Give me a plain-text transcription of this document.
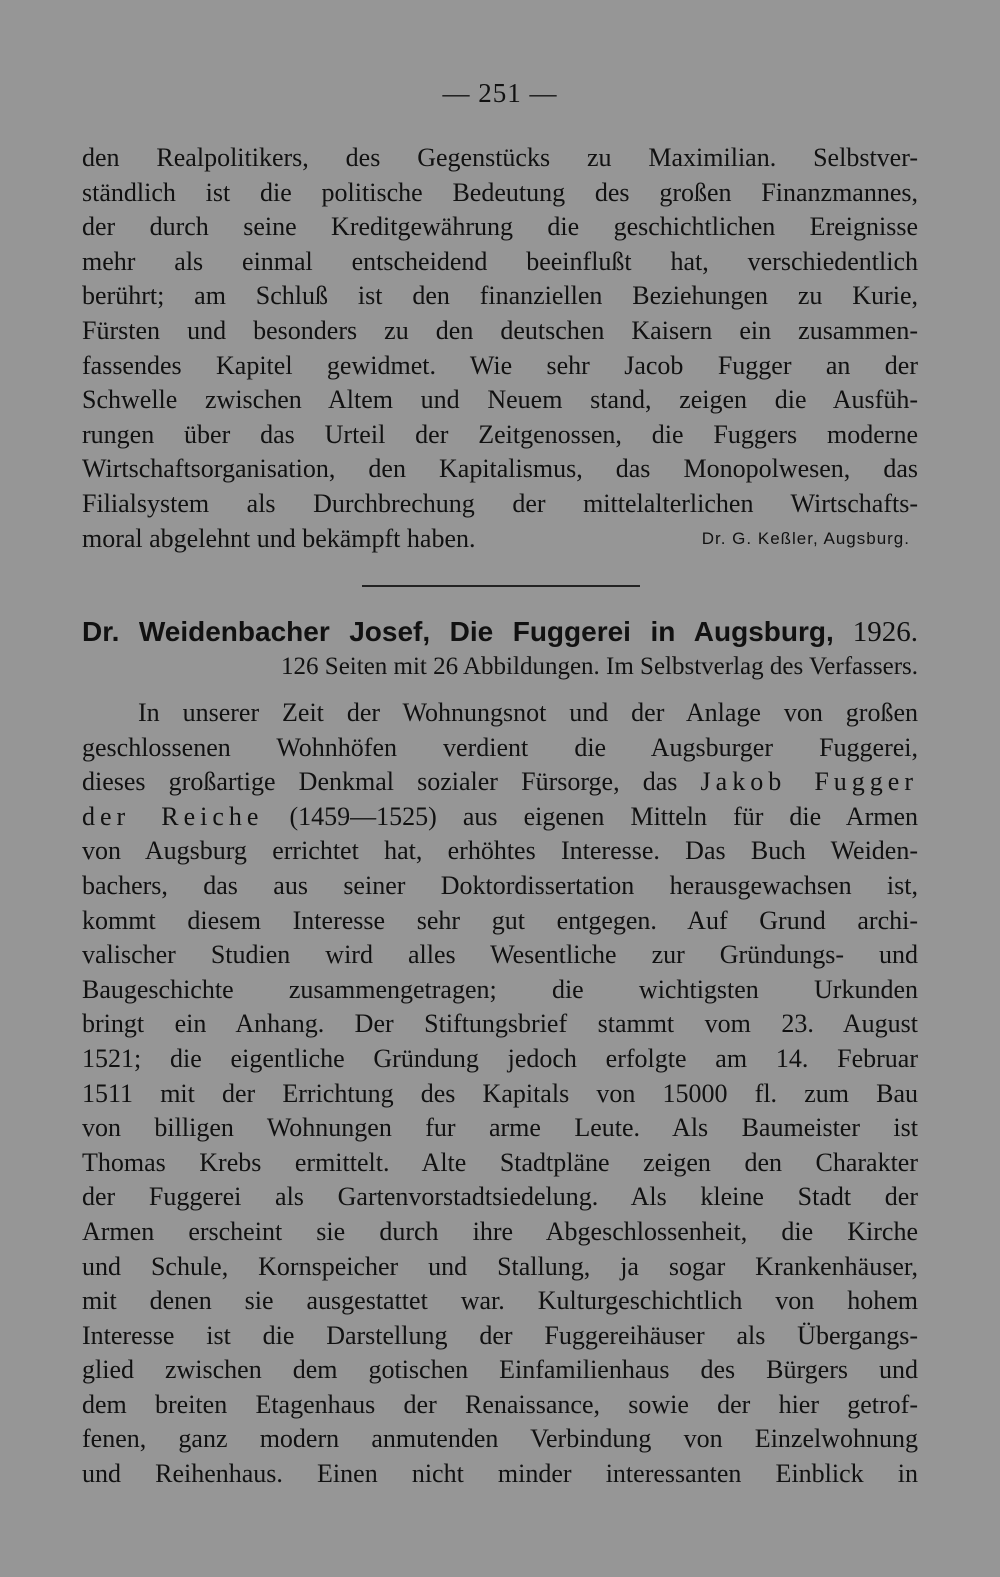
— 251 —
den Realpolitikers, des Gegenstücks zu Maximilian. Selbstver-
ständlich ist die politische Bedeutung des großen Finanzmannes,
der durch seine Kreditgewährung die geschichtlichen Ereignisse
mehr als einmal entscheidend beeinflußt hat, verschiedentlich
berührt; am Schluß ist den finanziellen Beziehungen zu Kurie,
Fürsten und besonders zu den deutschen Kaisern ein zusammen-
fassendes Kapitel gewidmet. Wie sehr Jacob Fugger an der
Schwelle zwischen Altem und Neuem stand, zeigen die Ausfüh-
rungen über das Urteil der Zeitgenossen, die Fuggers moderne
Wirtschaftsorganisation, den Kapitalismus, das Monopolwesen, das
Filialsystem als Durchbrechung der mittelalterlichen Wirtschafts-
moral abgelehnt und bekämpft haben.	Dr. G. Keßler, Augsburg.
Dr. Weidenbacher Josef, Die Fuggerei in Augsburg, 1926.
126 Seiten mit 26 Abbildungen. Im Selbstverlag des Verfassers.
In unserer Zeit der Wohnungsnot und der Anlage von großen
geschlossenen Wohnhöfen verdient die Augsburger Fuggerei,
dieses großartige Denkmal sozialer Fürsorge, das Jakob Fugger
der Reiche (1459—1525) aus eigenen Mitteln für die Armen
von Augsburg errichtet hat, erhöhtes Interesse. Das Buch Weiden-
bachers, das aus seiner Doktordissertation herausgewachsen ist,
kommt diesem Interesse sehr gut entgegen. Auf Grund archi-
valischer Studien wird alles Wesentliche zur Gründungs- und
Baugeschichte zusammengetragen; die wichtigsten Urkunden
bringt ein Anhang. Der Stiftungsbrief stammt vom 23. August
1521; die eigentliche Gründung jedoch erfolgte am 14. Februar
1511 mit der Errichtung des Kapitals von 15000 fl. zum Bau
von billigen Wohnungen fur arme Leute. Als Baumeister ist
Thomas Krebs ermittelt. Alte Stadtpläne zeigen den Charakter
der Fuggerei als Gartenvorstadtsiedelung. Als kleine Stadt der
Armen erscheint sie durch ihre Abgeschlossenheit, die Kirche
und Schule, Kornspeicher und Stallung, ja sogar Krankenhäuser,
mit denen sie ausgestattet war. Kulturgeschichtlich von hohem
Interesse ist die Darstellung der Fuggereihäuser als Übergangs-
glied zwischen dem gotischen Einfamilienhaus des Bürgers und
dem breiten Etagenhaus der Renaissance, sowie der hier getrof-
fenen, ganz modern anmutenden Verbindung von Einzelwohnung
und Reihenhaus. Einen nicht minder interessanten Einblick in
